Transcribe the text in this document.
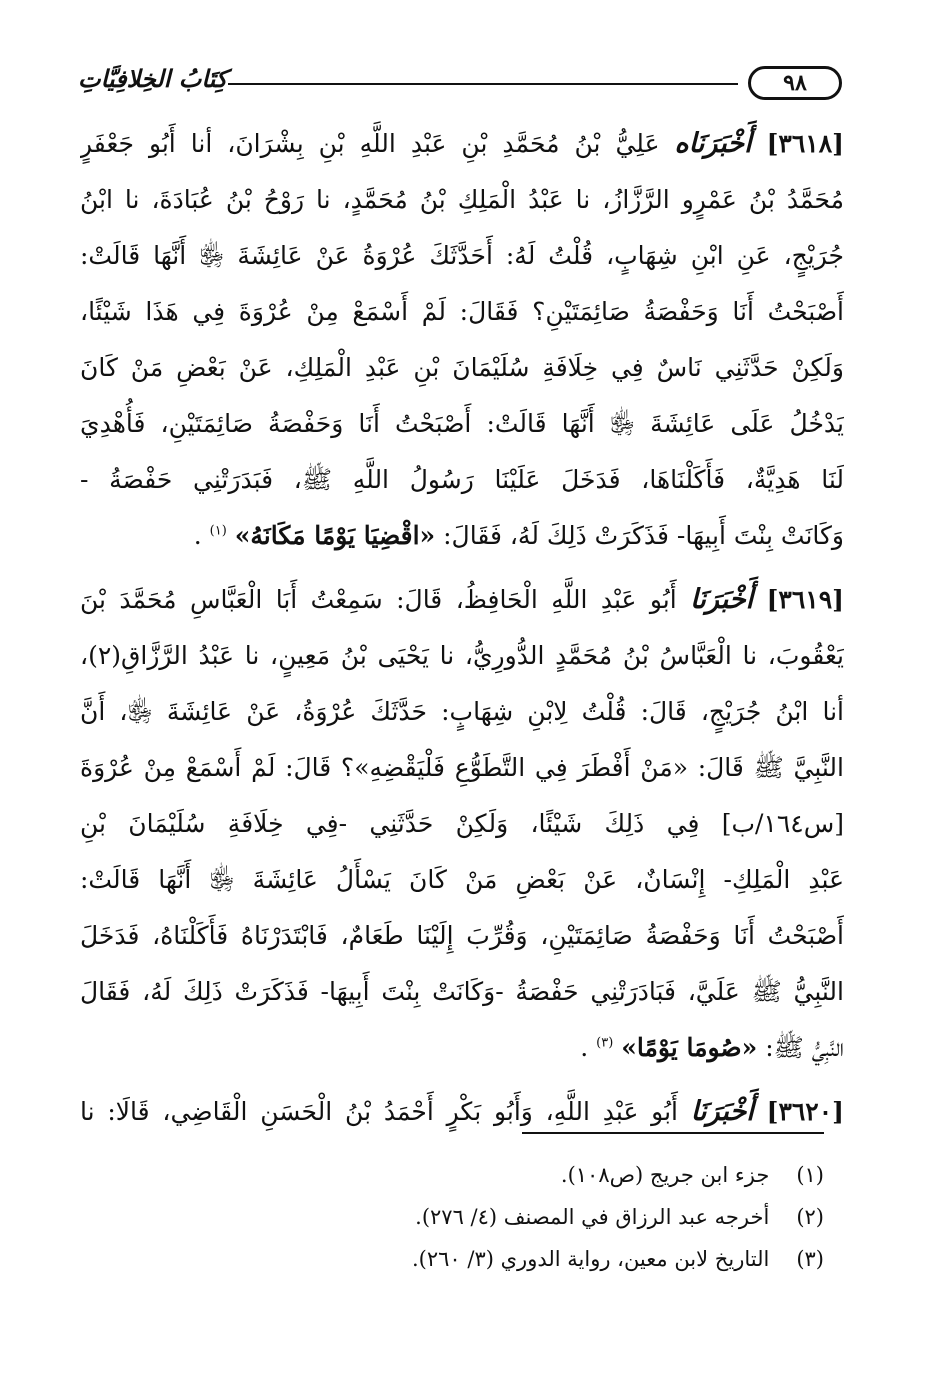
٩٨
كِتَابُ الخِلافِيَّاتِ
[٣٦١٨] أَخْبَرَنَاه عَلِيُّ بْنُ مُحَمَّدِ بْنِ عَبْدِ اللَّهِ بْنِ بِشْرَانَ، أنا أَبُو جَعْفَرٍ
مُحَمَّدُ بْنُ عَمْرٍو الرَّزَّازُ، نا عَبْدُ الْمَلِكِ بْنُ مُحَمَّدٍ، نا رَوْحُ بْنُ عُبَادَةَ، نا ابْنُ
جُرَيْجٍ، عَنِ ابْنِ شِهَابٍ، قُلْتُ لَهُ: أَحَدَّثَكَ عُرْوَةُ عَنْ عَائِشَةَ ﵂ أَنَّهَا قَالَتْ:
أَصْبَحْتُ أَنَا وَحَفْصَةُ صَائِمَتَيْنِ؟ فَقَالَ: لَمْ أَسْمَعْ مِنْ عُرْوَةَ فِي هَذَا شَيْئًا،
وَلَكِنْ حَدَّثَنِي نَاسٌ فِي خِلَافَةِ سُلَيْمَانَ بْنِ عَبْدِ الْمَلِكِ، عَنْ بَعْضِ مَنْ كَانَ
يَدْخُلُ عَلَى عَائِشَةَ ﵂ أَنَّهَا قَالَتْ: أَصْبَحْتُ أَنَا وَحَفْصَةُ صَائِمَتَيْنِ، فَأُهْدِيَ
لَنَا هَدِيَّةٌ، فَأَكَلْنَاهَا، فَدَخَلَ عَلَيْنَا رَسُولُ اللَّهِ ﷺ، فَبَدَرَتْنِي حَفْصَةُ -
وَكَانَتْ بِنْتَ أَبِيهَا- فَذَكَرَتْ ذَلِكَ لَهُ، فَقَالَ: «اقْضِيَا يَوْمًا مَكَانَهُ» $^{(١)}$ .
[٣٦١٩] أَخْبَرَنَا أَبُو عَبْدِ اللَّهِ الْحَافِظُ، قَالَ: سَمِعْتُ أَبَا الْعَبَّاسِ مُحَمَّدَ بْنَ
يَعْقُوبَ، نا الْعَبَّاسُ بْنُ مُحَمَّدٍ الدُّورِيُّ، نا يَحْيَى بْنُ مَعِينٍ، نا عَبْدُ الرَّزَّاقِ(٢)،
أنا ابْنُ جُرَيْجٍ، قَالَ: قُلْتُ لِابْنِ شِهَابٍ: حَدَّثَكَ عُرْوَةُ، عَنْ عَائِشَةَ ﵂، أَنَّ
النَّبِيَّ ﷺ قَالَ: «مَنْ أَفْطَرَ فِي التَّطَوُّعِ فَلْيَقْضِهِ»؟ قَالَ: لَمْ أَسْمَعْ مِنْ عُرْوَةَ
[س١٦٤/ب] فِي ذَلِكَ شَيْئًا، وَلَكِنْ حَدَّثَنِي -فِي خِلَافَةِ سُلَيْمَانَ بْنِ
عَبْدِ الْمَلِكِ- إِنْسَانٌ، عَنْ بَعْضِ مَنْ كَانَ يَسْأَلُ عَائِشَةَ ﵂ أَنَّهَا قَالَتْ:
أَصْبَحْتُ أَنَا وَحَفْصَةُ صَائِمَتَيْنِ، وَقُرِّبَ إِلَيْنَا طَعَامٌ، فَابْتَدَرْنَاهُ فَأَكَلْنَاهُ، فَدَخَلَ
النَّبِيُّ ﷺ عَلَيَّ، فَبَادَرَتْنِي حَفْصَةُ -وَكَانَتْ بِنْتَ أَبِيهَا- فَذَكَرَتْ ذَلِكَ لَهُ، فَقَالَ
النَّبِيُّ ﷺ: «صُومَا يَوْمًا» $^{(٣)}$ .
[٣٦٢٠] أَخْبَرَنَا أَبُو عَبْدِ اللَّهِ، وَأَبُو بَكْرٍ أَحْمَدُ بْنُ الْحَسَنِ الْقَاضِي، قَالَا: نا
(١) جزء ابن جريج (ص١٠٨).
(٢) أخرجه عبد الرزاق في المصنف (٤/ ٢٧٦).
(٣) التاريخ لابن معين، رواية الدوري (٣/ ٢٦٠).
